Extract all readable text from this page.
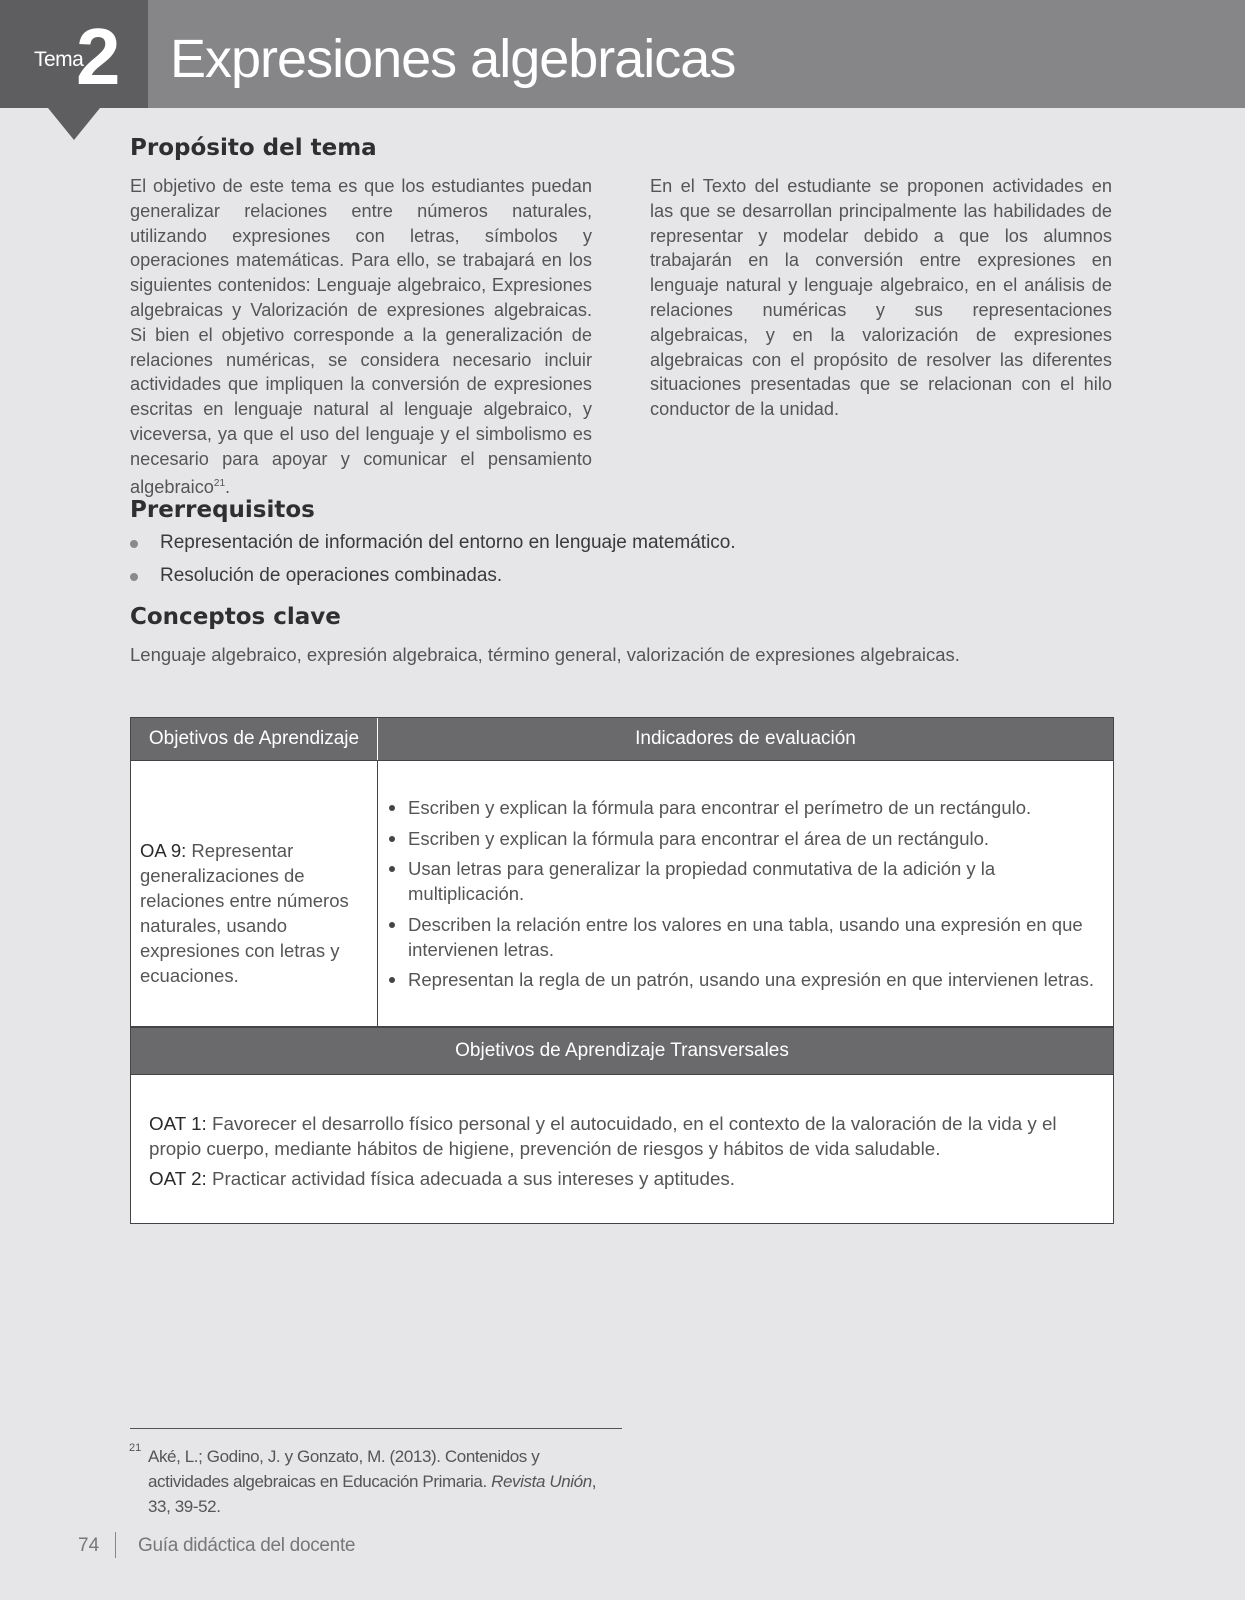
Tema
2 Expresiones algebraicas
Propósito del tema
El objetivo de este tema es que los estudiantes puedan generalizar relaciones entre números naturales, utilizando expresiones con letras, símbolos y operaciones matemáticas. Para ello, se trabajará en los siguientes contenidos: Lenguaje algebraico, Expresiones algebraicas y Valorización de expresiones algebraicas. Si bien el objetivo corresponde a la generalización de relaciones numéricas, se considera necesario incluir actividades que impliquen la conversión de expresiones escritas en lenguaje natural al lenguaje algebraico, y viceversa, ya que el uso del lenguaje y el simbolismo es necesario para apoyar y comunicar el pensamiento algebraico$^{21}$.
En el Texto del estudiante se proponen actividades en las que se desarrollan principalmente las habilidades de representar y modelar debido a que los alumnos trabajarán en la conversión entre expresiones en lenguaje natural y lenguaje algebraico, en el análisis de relaciones numéricas y sus representaciones algebraicas, y en la valorización de expresiones algebraicas con el propósito de resolver las diferentes situaciones presentadas que se relacionan con el hilo conductor de la unidad.
Prerrequisitos
Representación de información del entorno en lenguaje matemático.
Resolución de operaciones combinadas.
Conceptos clave
Lenguaje algebraico, expresión algebraica, término general, valorización de expresiones algebraicas.
Objetivos de Aprendizaje	Indicadores de evaluación
OA 9: Representar generalizaciones de relaciones entre números naturales, usando expresiones con letras y ecuaciones.
Escriben y explican la fórmula para encontrar el perímetro de un rectángulo.
Escriben y explican la fórmula para encontrar el área de un rectángulo.
Usan letras para generalizar la propiedad conmutativa de la adición y la multiplicación.
Describen la relación entre los valores en una tabla, usando una expresión en que intervienen letras.
Representan la regla de un patrón, usando una expresión en que intervienen letras.
Objetivos de Aprendizaje Transversales

OAT 1: Favorecer el desarrollo físico personal y el autocuidado, en el contexto de la valoración de la vida y el propio cuerpo, mediante hábitos de higiene, prevención de riesgos y hábitos de vida saludable.

OAT 2: Practicar actividad física adecuada a sus intereses y aptitudes.

21 Aké, L.; Godino, J. y Gonzato, M. (2013). Contenidos y actividades algebraicas en Educación Primaria. Revista Unión, 33, 39-52.
74 Guía didáctica del docente
